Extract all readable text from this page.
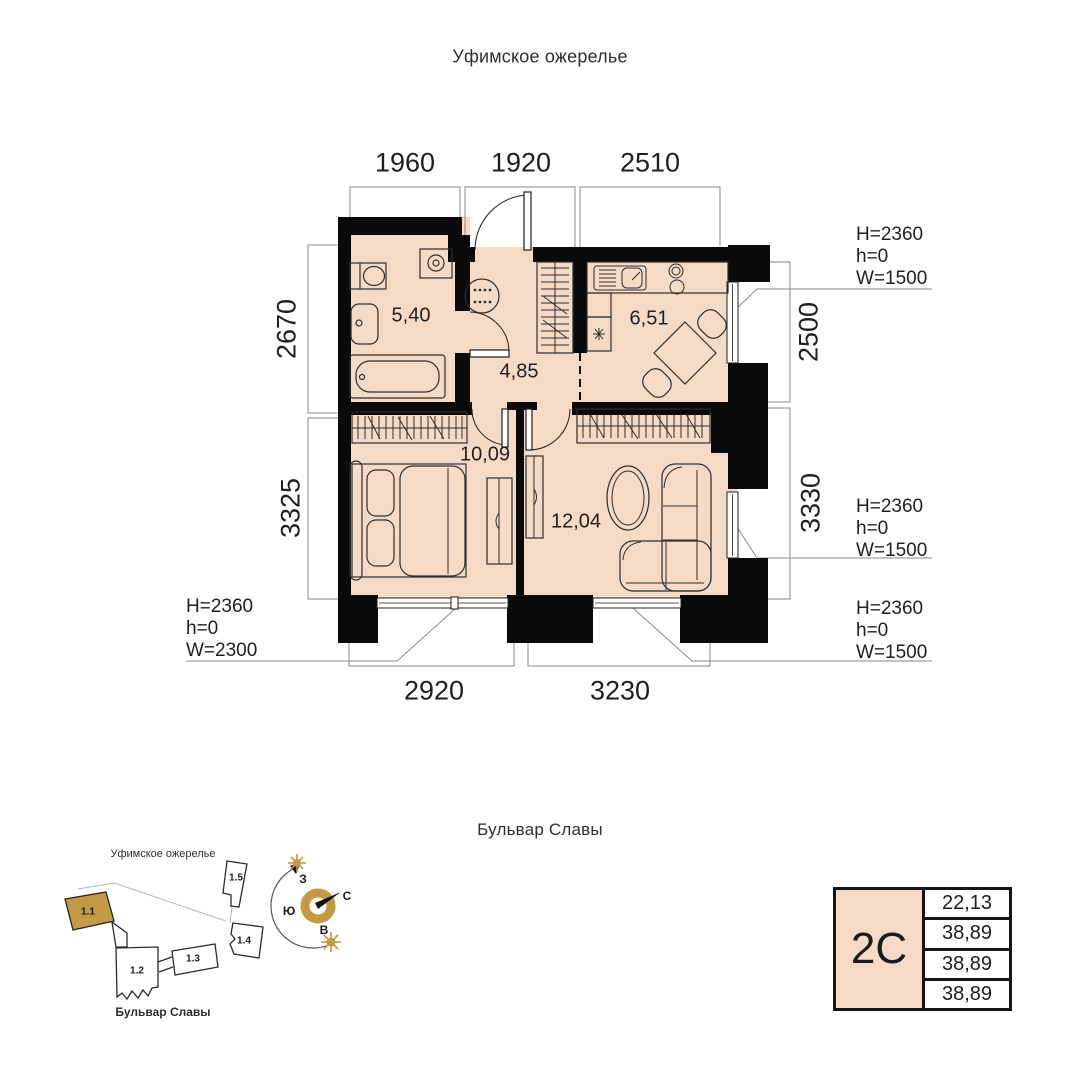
Уфимское ожерелье
1960 1920	2510
2670
3325
2500
3330
2920	3230
5,40
4,85
6,51
10,09
12,04
H=2360
h=0
W=1500
H=2360
h=0
W=1500
H=2360
h=0
W=1500
H=2360
h=0
W=2300
Бульвар Славы
Уфимское ожерелье
Бульвар Славы
1.1
1.2
1.3
1.4
1.5	З
С
Ю
В	2С
22,13
38,89
38,89
38,89
